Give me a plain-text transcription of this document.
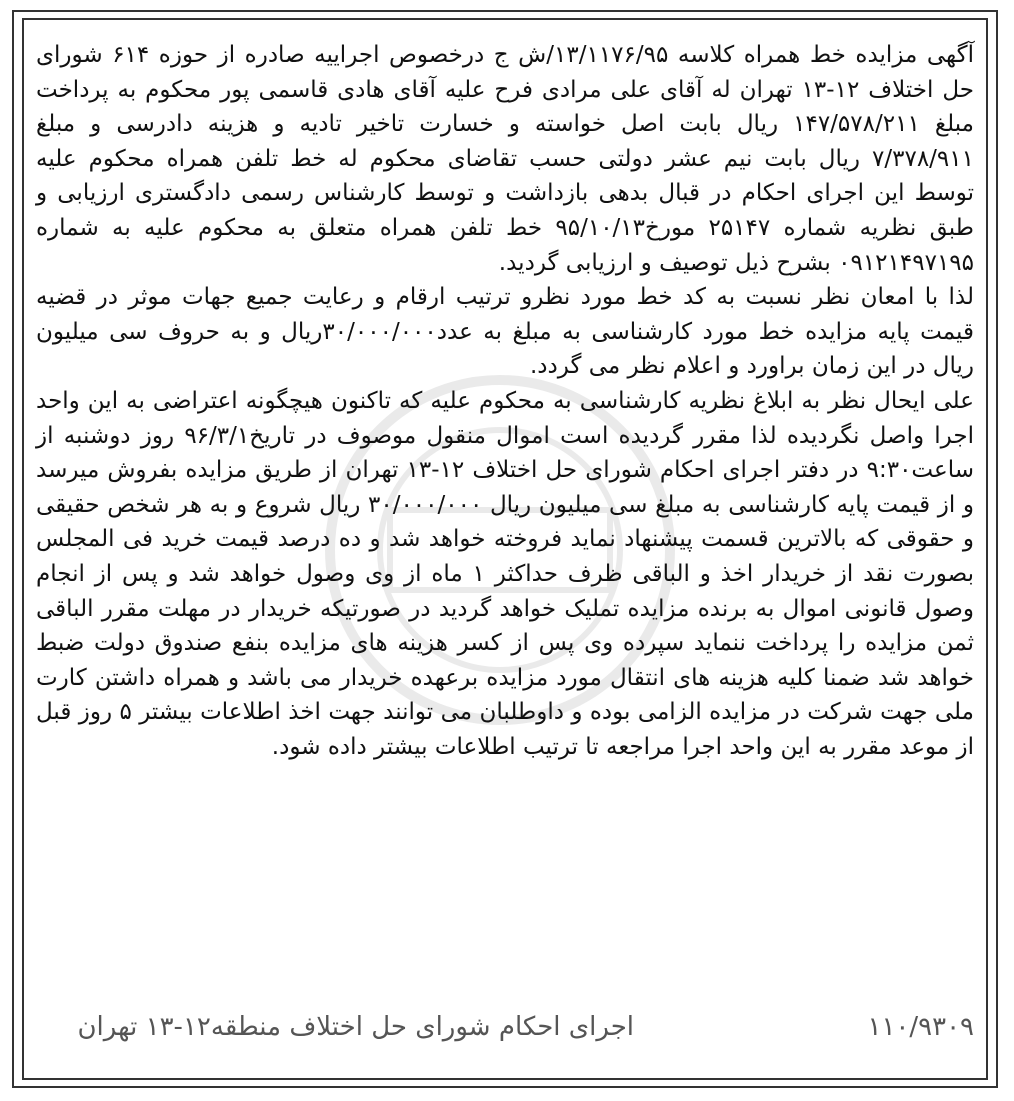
آگهی مزایده خط همراه کلاسه ۱۳/۱۱۷۶/۹۵/ش ج درخصوص اجراییه صادره از حوزه ۶۱۴ شورای حل اختلاف ۱۲-۱۳ تهران له آقای علی مرادی فرح علیه آقای هادی قاسمی پور محکوم به پرداخت مبلغ ۱۴۷/۵۷۸/۲۱۱ ریال بابت اصل خواسته و خسارت تاخیر تادیه و هزینه دادرسی و مبلغ ۷/۳۷۸/۹۱۱ ریال بابت نیم عشر دولتی حسب تقاضای محکوم له خط تلفن همراه محکوم علیه توسط این اجرای احکام در قبال بدهی بازداشت و توسط کارشناس رسمی دادگستری ارزیابی و طبق نظریه شماره ۲۵۱۴۷ مورخ۹۵/۱۰/۱۳ خط تلفن همراه متعلق به محکوم علیه به شماره ۰۹۱۲۱۴۹۷۱۹۵ بشرح ذیل توصیف و ارزیابی گردید.

لذا با امعان نظر نسبت به کد خط مورد نظرو ترتیب ارقام و رعایت جمیع جهات موثر در قضیه قیمت پایه مزایده خط مورد کارشناسی به مبلغ به عدد۳۰/۰۰۰/۰۰۰ریال و به حروف سی میلیون ریال در این زمان براورد و اعلام نظر می گردد.

علی ایحال نظر به ابلاغ نظریه کارشناسی به محکوم علیه که تاکنون هیچگونه اعتراضی به این واحد اجرا واصل نگردیده لذا مقرر گردیده است اموال منقول موصوف در تاریخ۹۶/۳/۱ روز دوشنبه از ساعت۹:۳۰ در دفتر اجرای احکام شورای حل اختلاف ۱۲-۱۳ تهران از طریق مزایده بفروش میرسد و از قیمت پایه کارشناسی به مبلغ سی میلیون ریال ۳۰/۰۰۰/۰۰۰ ریال شروع و به هر شخص حقیقی و حقوقی که بالاترین قسمت پیشنهاد نماید فروخته خواهد شد و ده درصد قیمت خرید فی المجلس بصورت نقد از خریدار اخذ و الباقی ظرف حداکثر ۱ ماه از وی وصول خواهد شد و پس از انجام وصول قانونی اموال به برنده مزایده تملیک خواهد گردید در صورتیکه خریدار در مهلت مقرر الباقی ثمن مزایده را پرداخت ننماید سپرده وی پس از کسر هزینه های مزایده بنفع صندوق دولت ضبط خواهد شد ضمنا کلیه هزینه های انتقال مورد مزایده برعهده خریدار می باشد و همراه داشتن کارت ملی جهت شرکت در مزایده الزامی بوده و داوطلبان می توانند جهت اخذ اطلاعات بیشتر ۵ روز قبل از موعد مقرر به این واحد اجرا مراجعه تا ترتیب اطلاعات بیشتر داده شود.

اجرای احکام شورای حل اختلاف منطقه۱۲-۱۳ تهران	۱۱۰/۹۳۰۹
